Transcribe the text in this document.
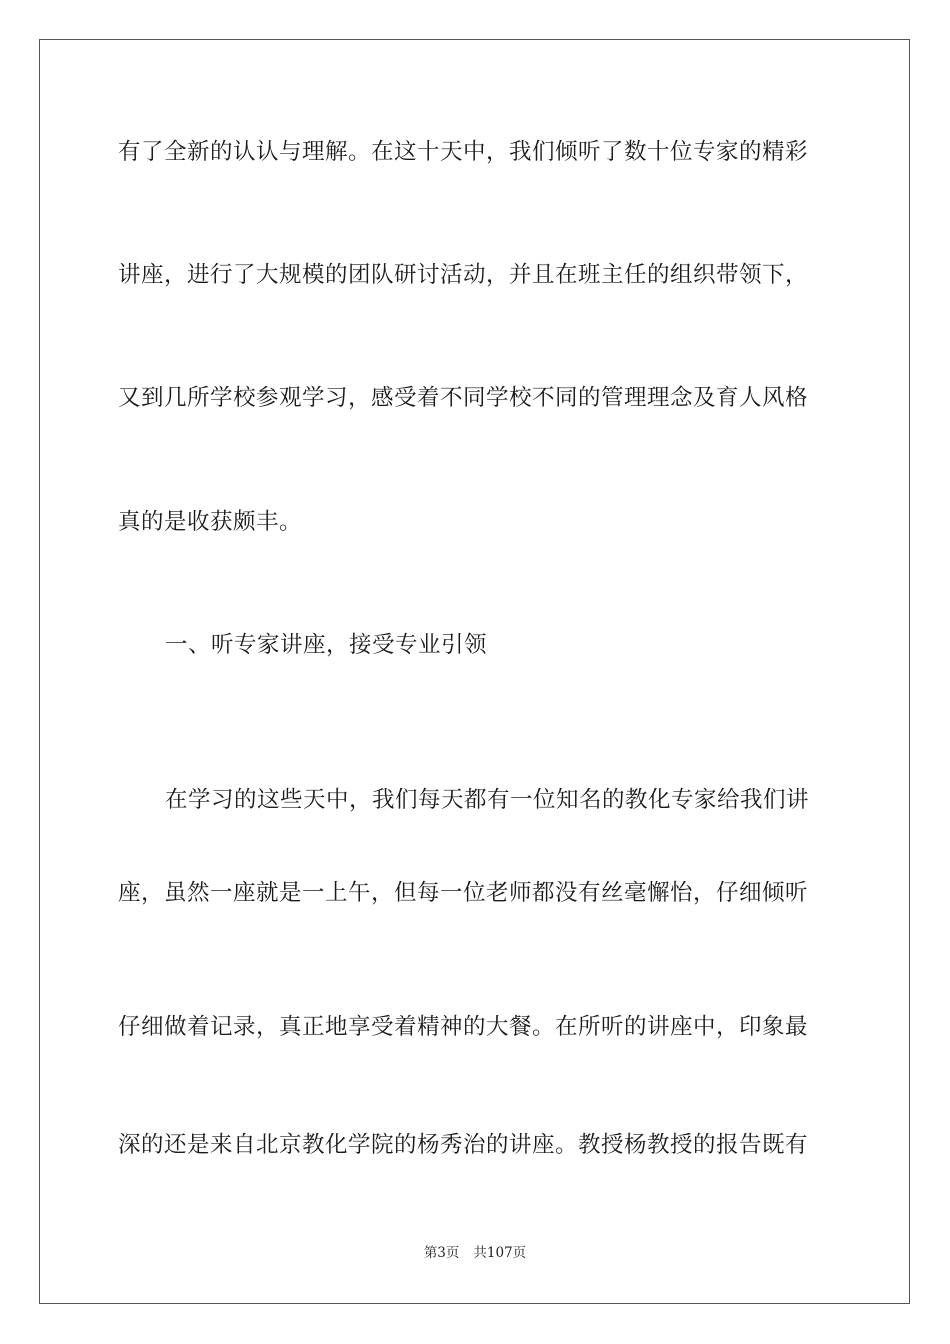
有了全新的认认与理解。在这十天中，我们倾听了数十位专家的精彩
讲座，进行了大规模的团队研讨活动，并且在班主任的组织带领下，
又到几所学校参观学习，感受着不同学校不同的管理理念及育人风格
真的是收获颇丰。
一、听专家讲座，接受专业引领
在学习的这些天中，我们每天都有一位知名的教化专家给我们讲
座，虽然一座就是一上午，但每一位老师都没有丝毫懈怡，仔细倾听
仔细做着记录，真正地享受着精神的大餐。在所听的讲座中，印象最
深的还是来自北京教化学院的杨秀治的讲座。教授杨教授的报告既有
第3页 共107页
